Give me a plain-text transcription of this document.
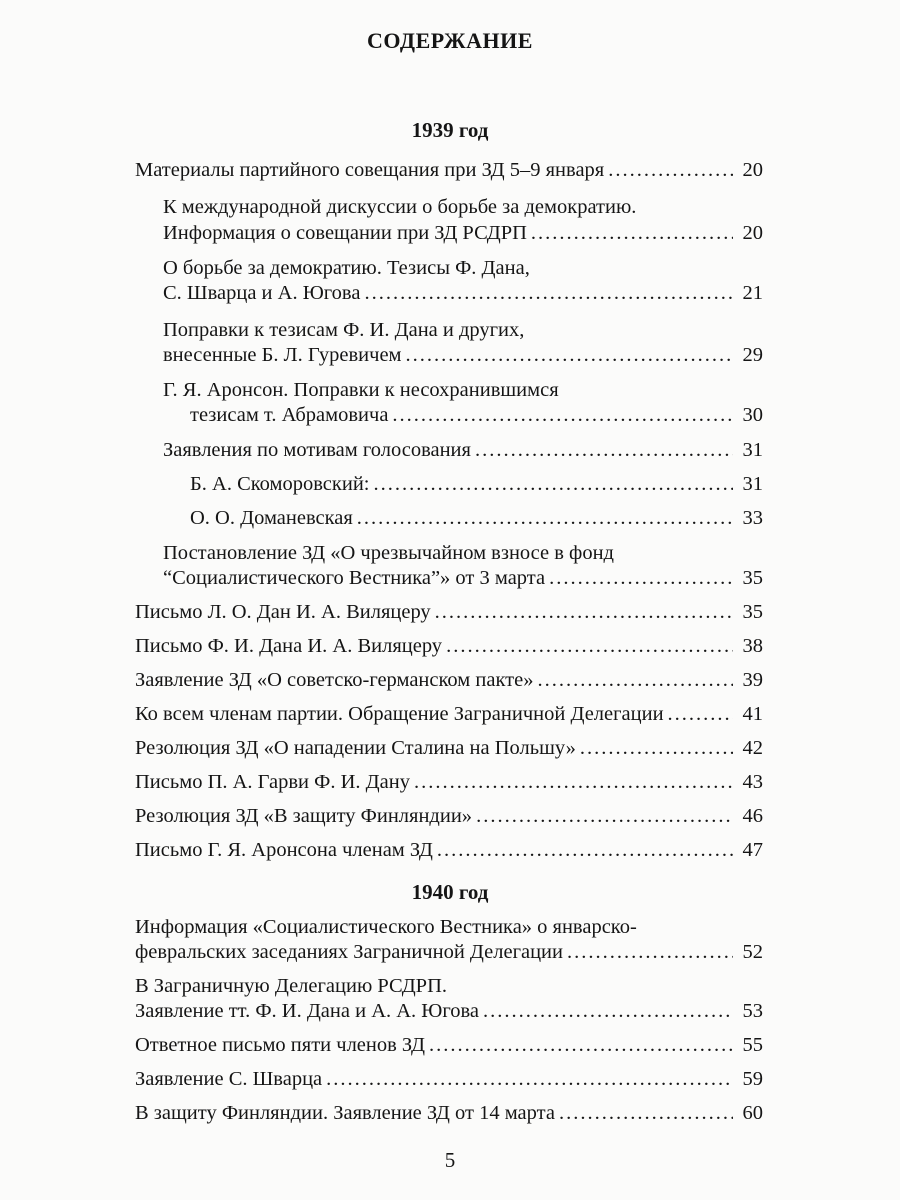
СОДЕРЖАНИЕ
1939 год
Материалы партийного совещания при ЗД 5–9 января .....	20
К международной дискуссии о борьбе за демократию.
Информация о совещании при ЗД РСДРП .....	20
О борьбе за демократию. Тезисы Ф. Дана,
С. Шварца и А. Югова .....	21
Поправки к тезисам Ф. И. Дана и других,
внесенные Б. Л. Гуревичем .....	29
Г. Я. Аронсон. Поправки к несохранившимся
тезисам т. Абрамовича .....	30
Заявления по мотивам голосования .....	31
Б. А. Скоморовский: .....	31
О. О. Доманевская .....	33
Постановление ЗД «О чрезвычайном взносе в фонд
“Социалистического Вестника”» от 3 марта .....	35
Письмо Л. О. Дан И. А. Виляцеру .....	35
Письмо Ф. И. Дана И. А. Виляцеру .....	38
Заявление ЗД «О советско-германском пакте» .....	39
Ко всем членам партии. Обращение Заграничной Делегации .....	41
Резолюция ЗД «О нападении Сталина на Польшу» .....	42
Письмо П. А. Гарви Ф. И. Дану .....	43
Резолюция ЗД «В защиту Финляндии» .....	46
Письмо Г. Я. Аронсона членам ЗД .....	47
1940 год
Информация «Социалистического Вестника» о январско-
февральских заседаниях Заграничной Делегации .....	52
В Заграничную Делегацию РСДРП.
Заявление тт. Ф. И. Дана и А. А. Югова .....	53
Ответное письмо пяти членов ЗД .....	55
Заявление С. Шварца .....	59
В защиту Финляндии. Заявление ЗД от 14 марта .....	60
5
